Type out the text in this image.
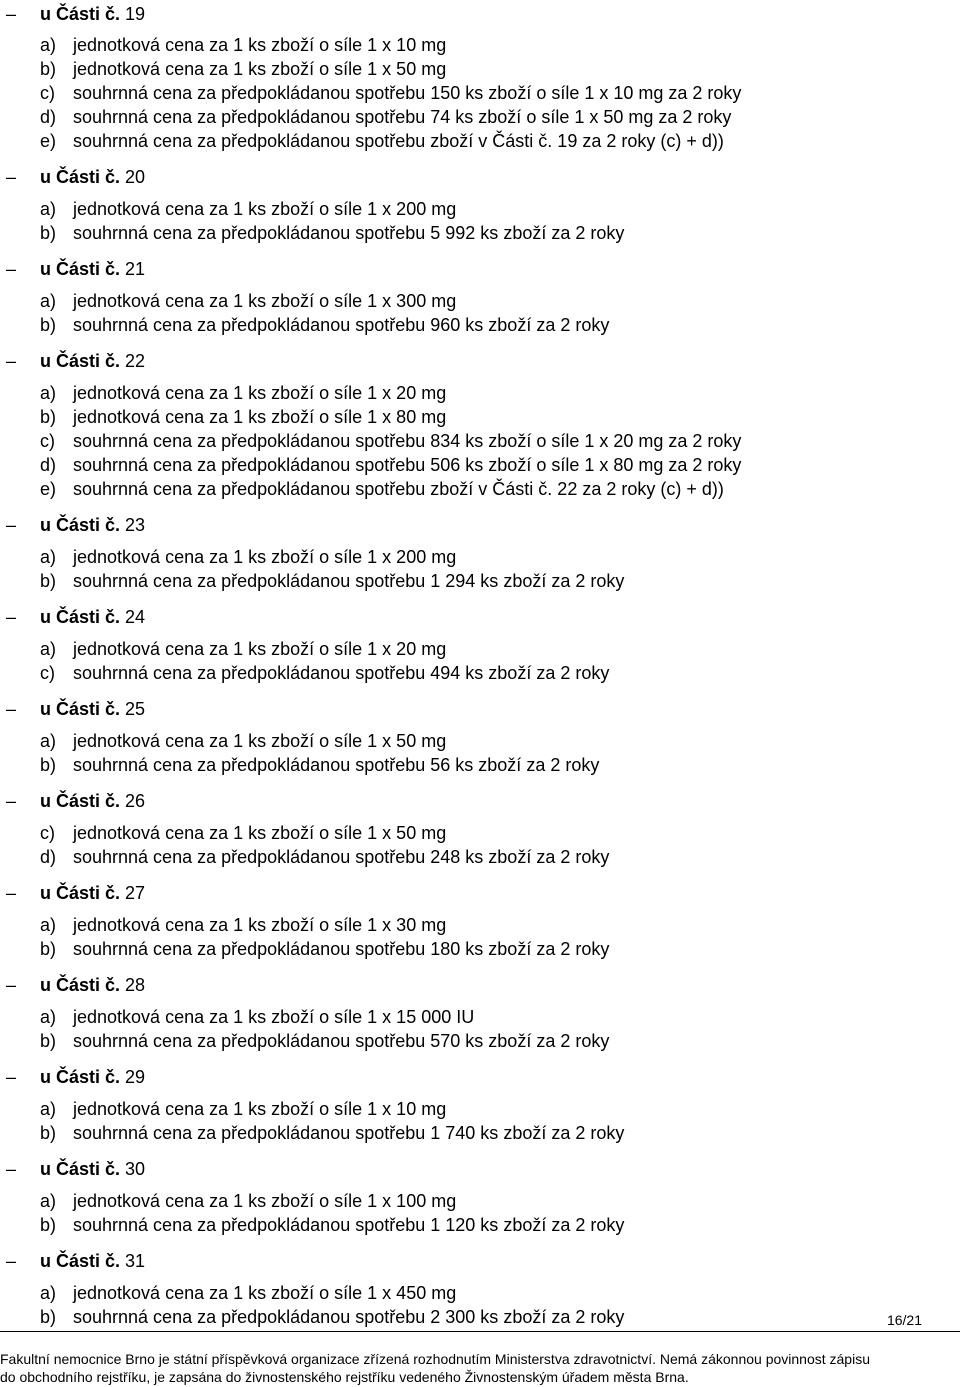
– u Části č. 19
a) jednotková cena za 1 ks zboží o síle 1 x 10 mg
b) jednotková cena za 1 ks zboží o síle 1 x 50 mg
c) souhrnná cena za předpokládanou spotřebu 150 ks zboží o síle 1 x 10 mg za 2 roky
d) souhrnná cena za předpokládanou spotřebu 74 ks zboží o síle 1 x 50 mg za 2 roky
e) souhrnná cena za předpokládanou spotřebu zboží v Části č. 19 za 2 roky (c) + d))
– u Části č. 20
a) jednotková cena za 1 ks zboží o síle 1 x 200 mg
b) souhrnná cena za předpokládanou spotřebu 5 992 ks zboží za 2 roky
– u Části č. 21
a) jednotková cena za 1 ks zboží o síle 1 x 300 mg
b) souhrnná cena za předpokládanou spotřebu 960 ks zboží za 2 roky
– u Části č. 22
a) jednotková cena za 1 ks zboží o síle 1 x 20 mg
b) jednotková cena za 1 ks zboží o síle 1 x 80 mg
c) souhrnná cena za předpokládanou spotřebu 834 ks zboží o síle 1 x 20 mg za 2 roky
d) souhrnná cena za předpokládanou spotřebu 506 ks zboží o síle 1 x 80 mg za 2 roky
e) souhrnná cena za předpokládanou spotřebu zboží v Části č. 22 za 2 roky (c) + d))
– u Části č. 23
a) jednotková cena za 1 ks zboží o síle 1 x 200 mg
b) souhrnná cena za předpokládanou spotřebu 1 294 ks zboží za 2 roky
– u Části č. 24
a) jednotková cena za 1 ks zboží o síle 1 x 20 mg
c) souhrnná cena za předpokládanou spotřebu 494 ks zboží za 2 roky
– u Části č. 25
a) jednotková cena za 1 ks zboží o síle 1 x 50 mg
b) souhrnná cena za předpokládanou spotřebu 56 ks zboží za 2 roky
– u Části č. 26
c) jednotková cena za 1 ks zboží o síle 1 x 50 mg
d) souhrnná cena za předpokládanou spotřebu 248 ks zboží za 2 roky
– u Části č. 27
a) jednotková cena za 1 ks zboží o síle 1 x 30 mg
b) souhrnná cena za předpokládanou spotřebu 180 ks zboží za 2 roky
– u Části č. 28
a) jednotková cena za 1 ks zboží o síle 1 x 15 000 IU
b) souhrnná cena za předpokládanou spotřebu 570 ks zboží za 2 roky
– u Části č. 29
a) jednotková cena za 1 ks zboží o síle 1 x 10 mg
b) souhrnná cena za předpokládanou spotřebu 1 740 ks zboží za 2 roky
– u Části č. 30
a) jednotková cena za 1 ks zboží o síle 1 x 100 mg
b) souhrnná cena za předpokládanou spotřebu 1 120 ks zboží za 2 roky
– u Části č. 31
a) jednotková cena za 1 ks zboží o síle 1 x 450 mg
b) souhrnná cena za předpokládanou spotřebu 2 300 ks zboží za 2 roky	16/21
Fakultní nemocnice Brno je státní příspěvková organizace zřízená rozhodnutím Ministerstva zdravotnictví. Nemá zákonnou povinnost zápisu
do obchodního rejstříku, je zapsána do živnostenského rejstříku vedeného Živnostenským úřadem města Brna.
